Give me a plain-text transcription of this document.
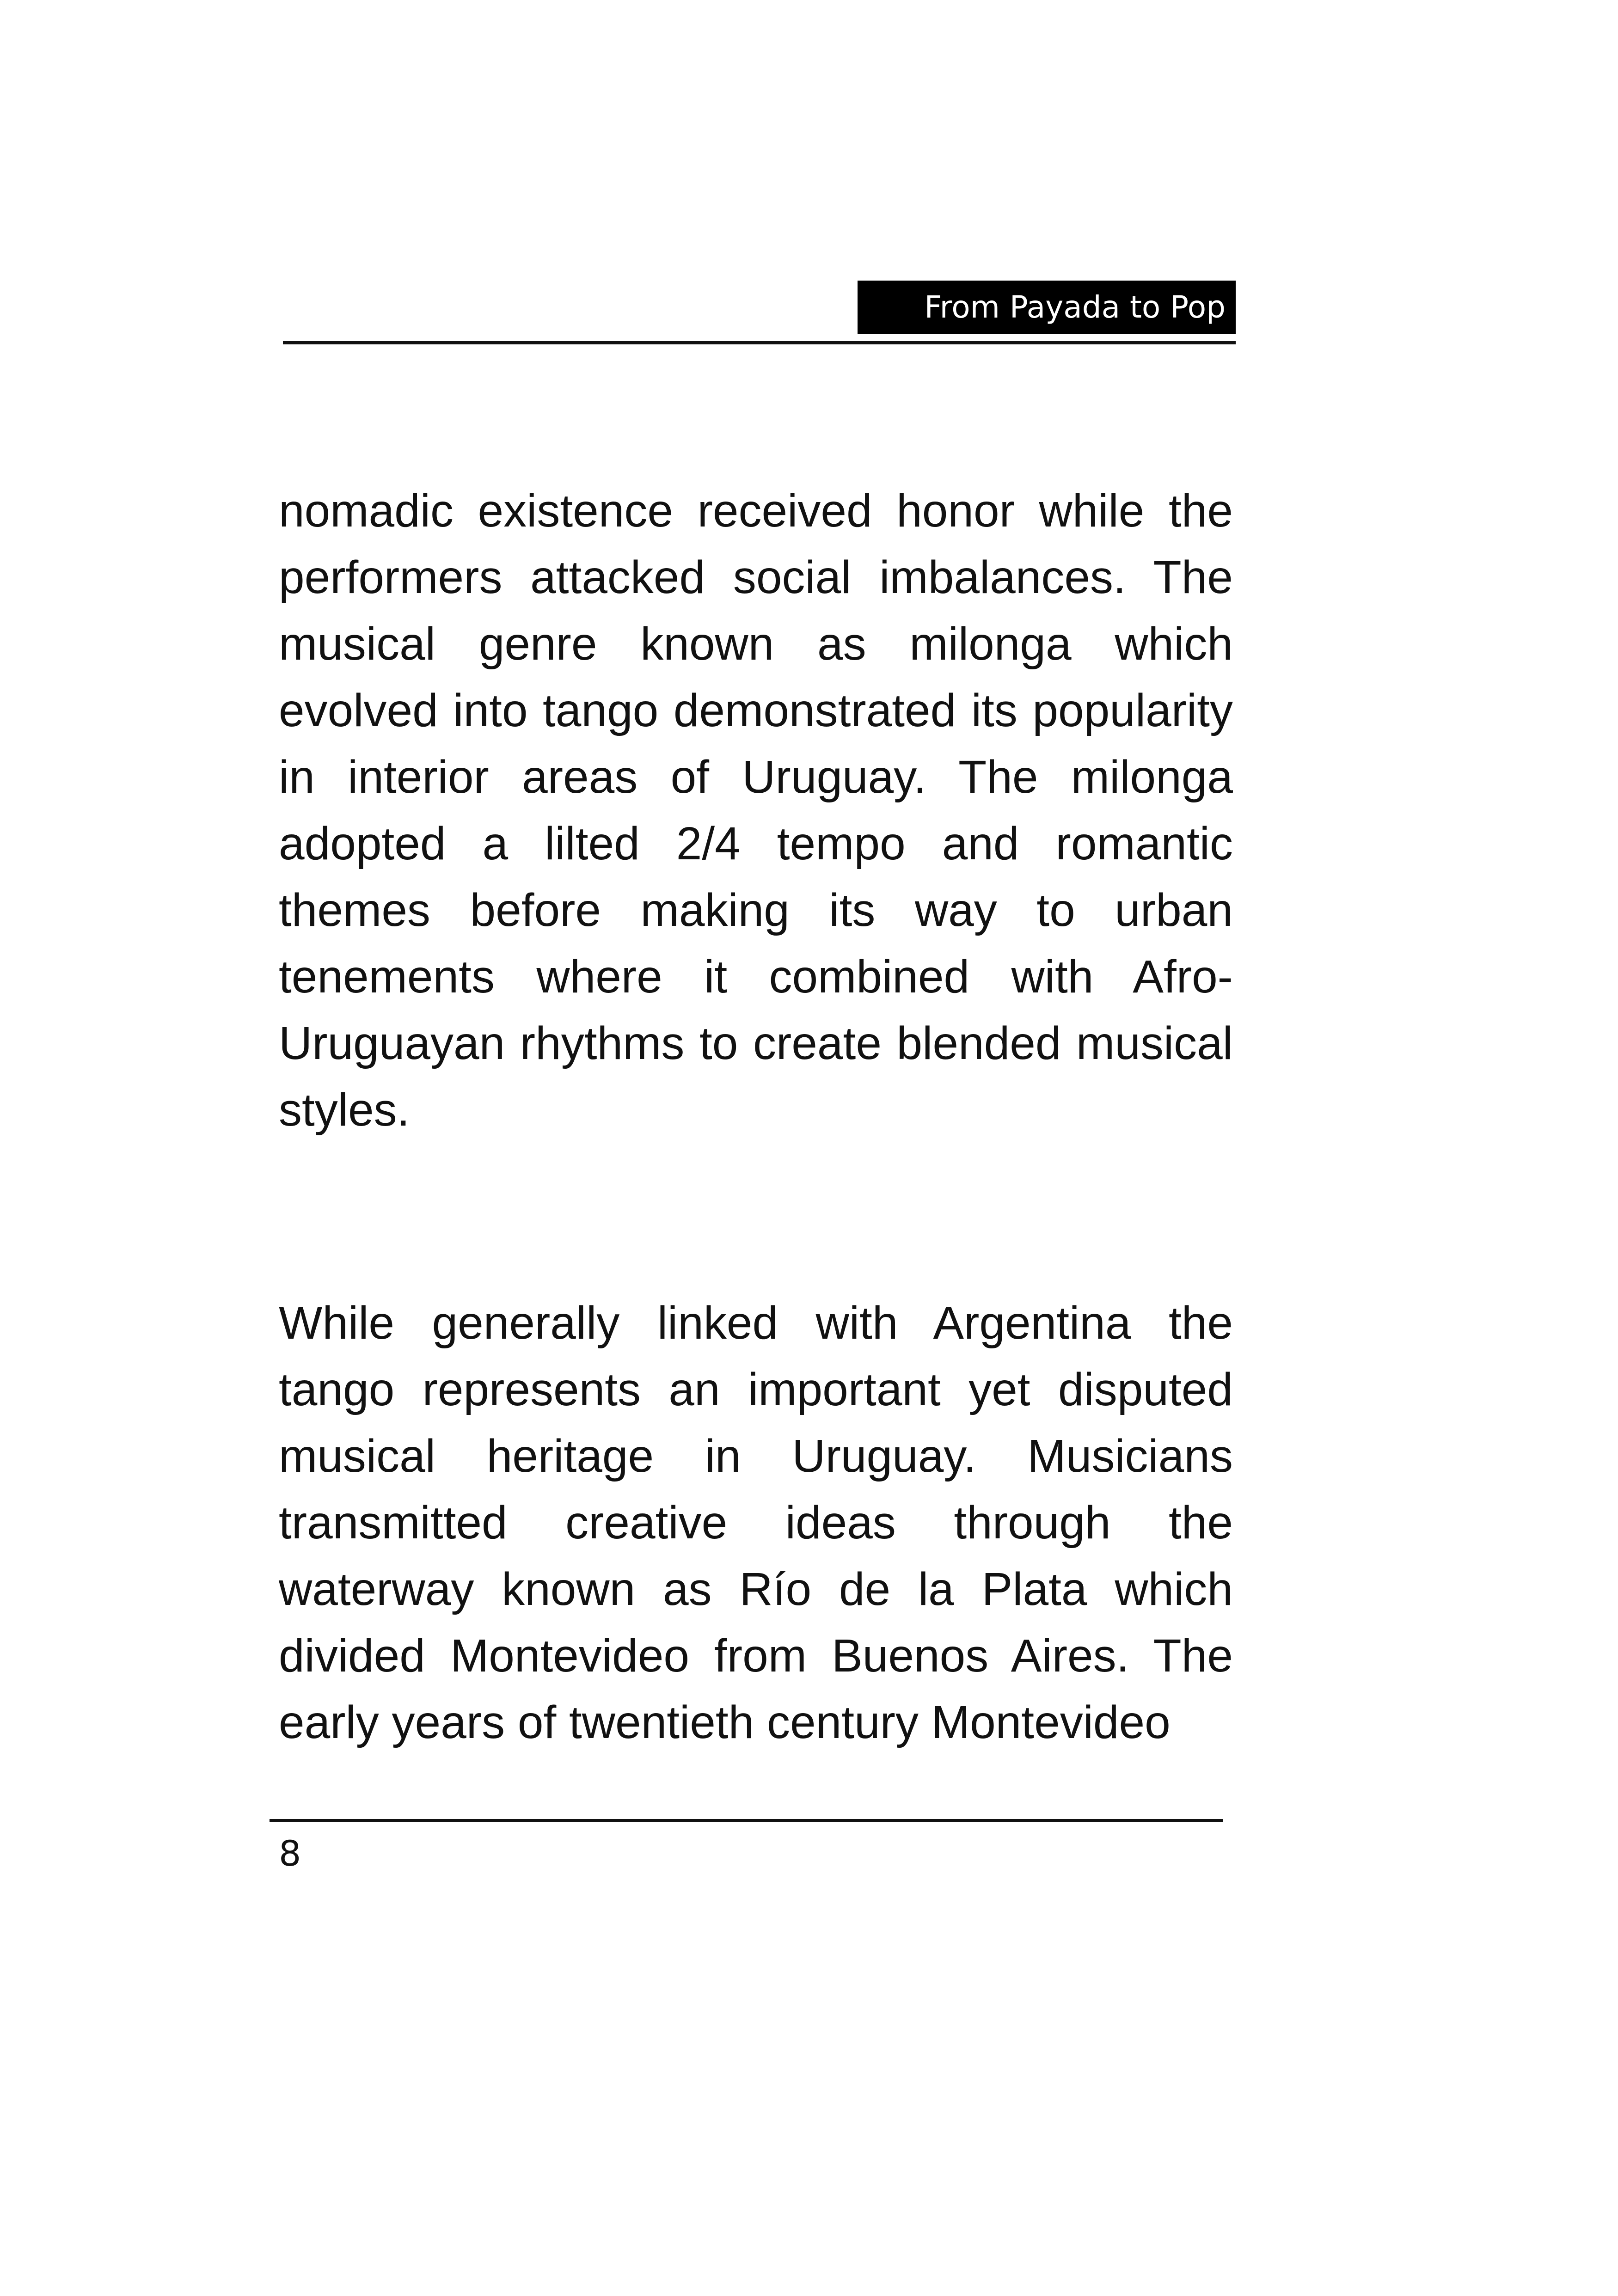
From Payada to Pop

nomadic existence received honor while the performers attacked social imbalances. The musical genre known as milonga which evolved into tango demonstrated its popularity in interior areas of Uruguay. The milonga adopted a lilted 2/4 tempo and romantic themes before making its way to urban tenements where it combined with Afro-Uruguayan rhythms to create blended musical styles.

While generally linked with Argentina the tango represents an important yet disputed musical heritage in Uruguay. Musicians transmitted creative ideas through the waterway known as Río de la Plata which divided Montevideo from Buenos Aires. The early years of twentieth century Montevideo

8
